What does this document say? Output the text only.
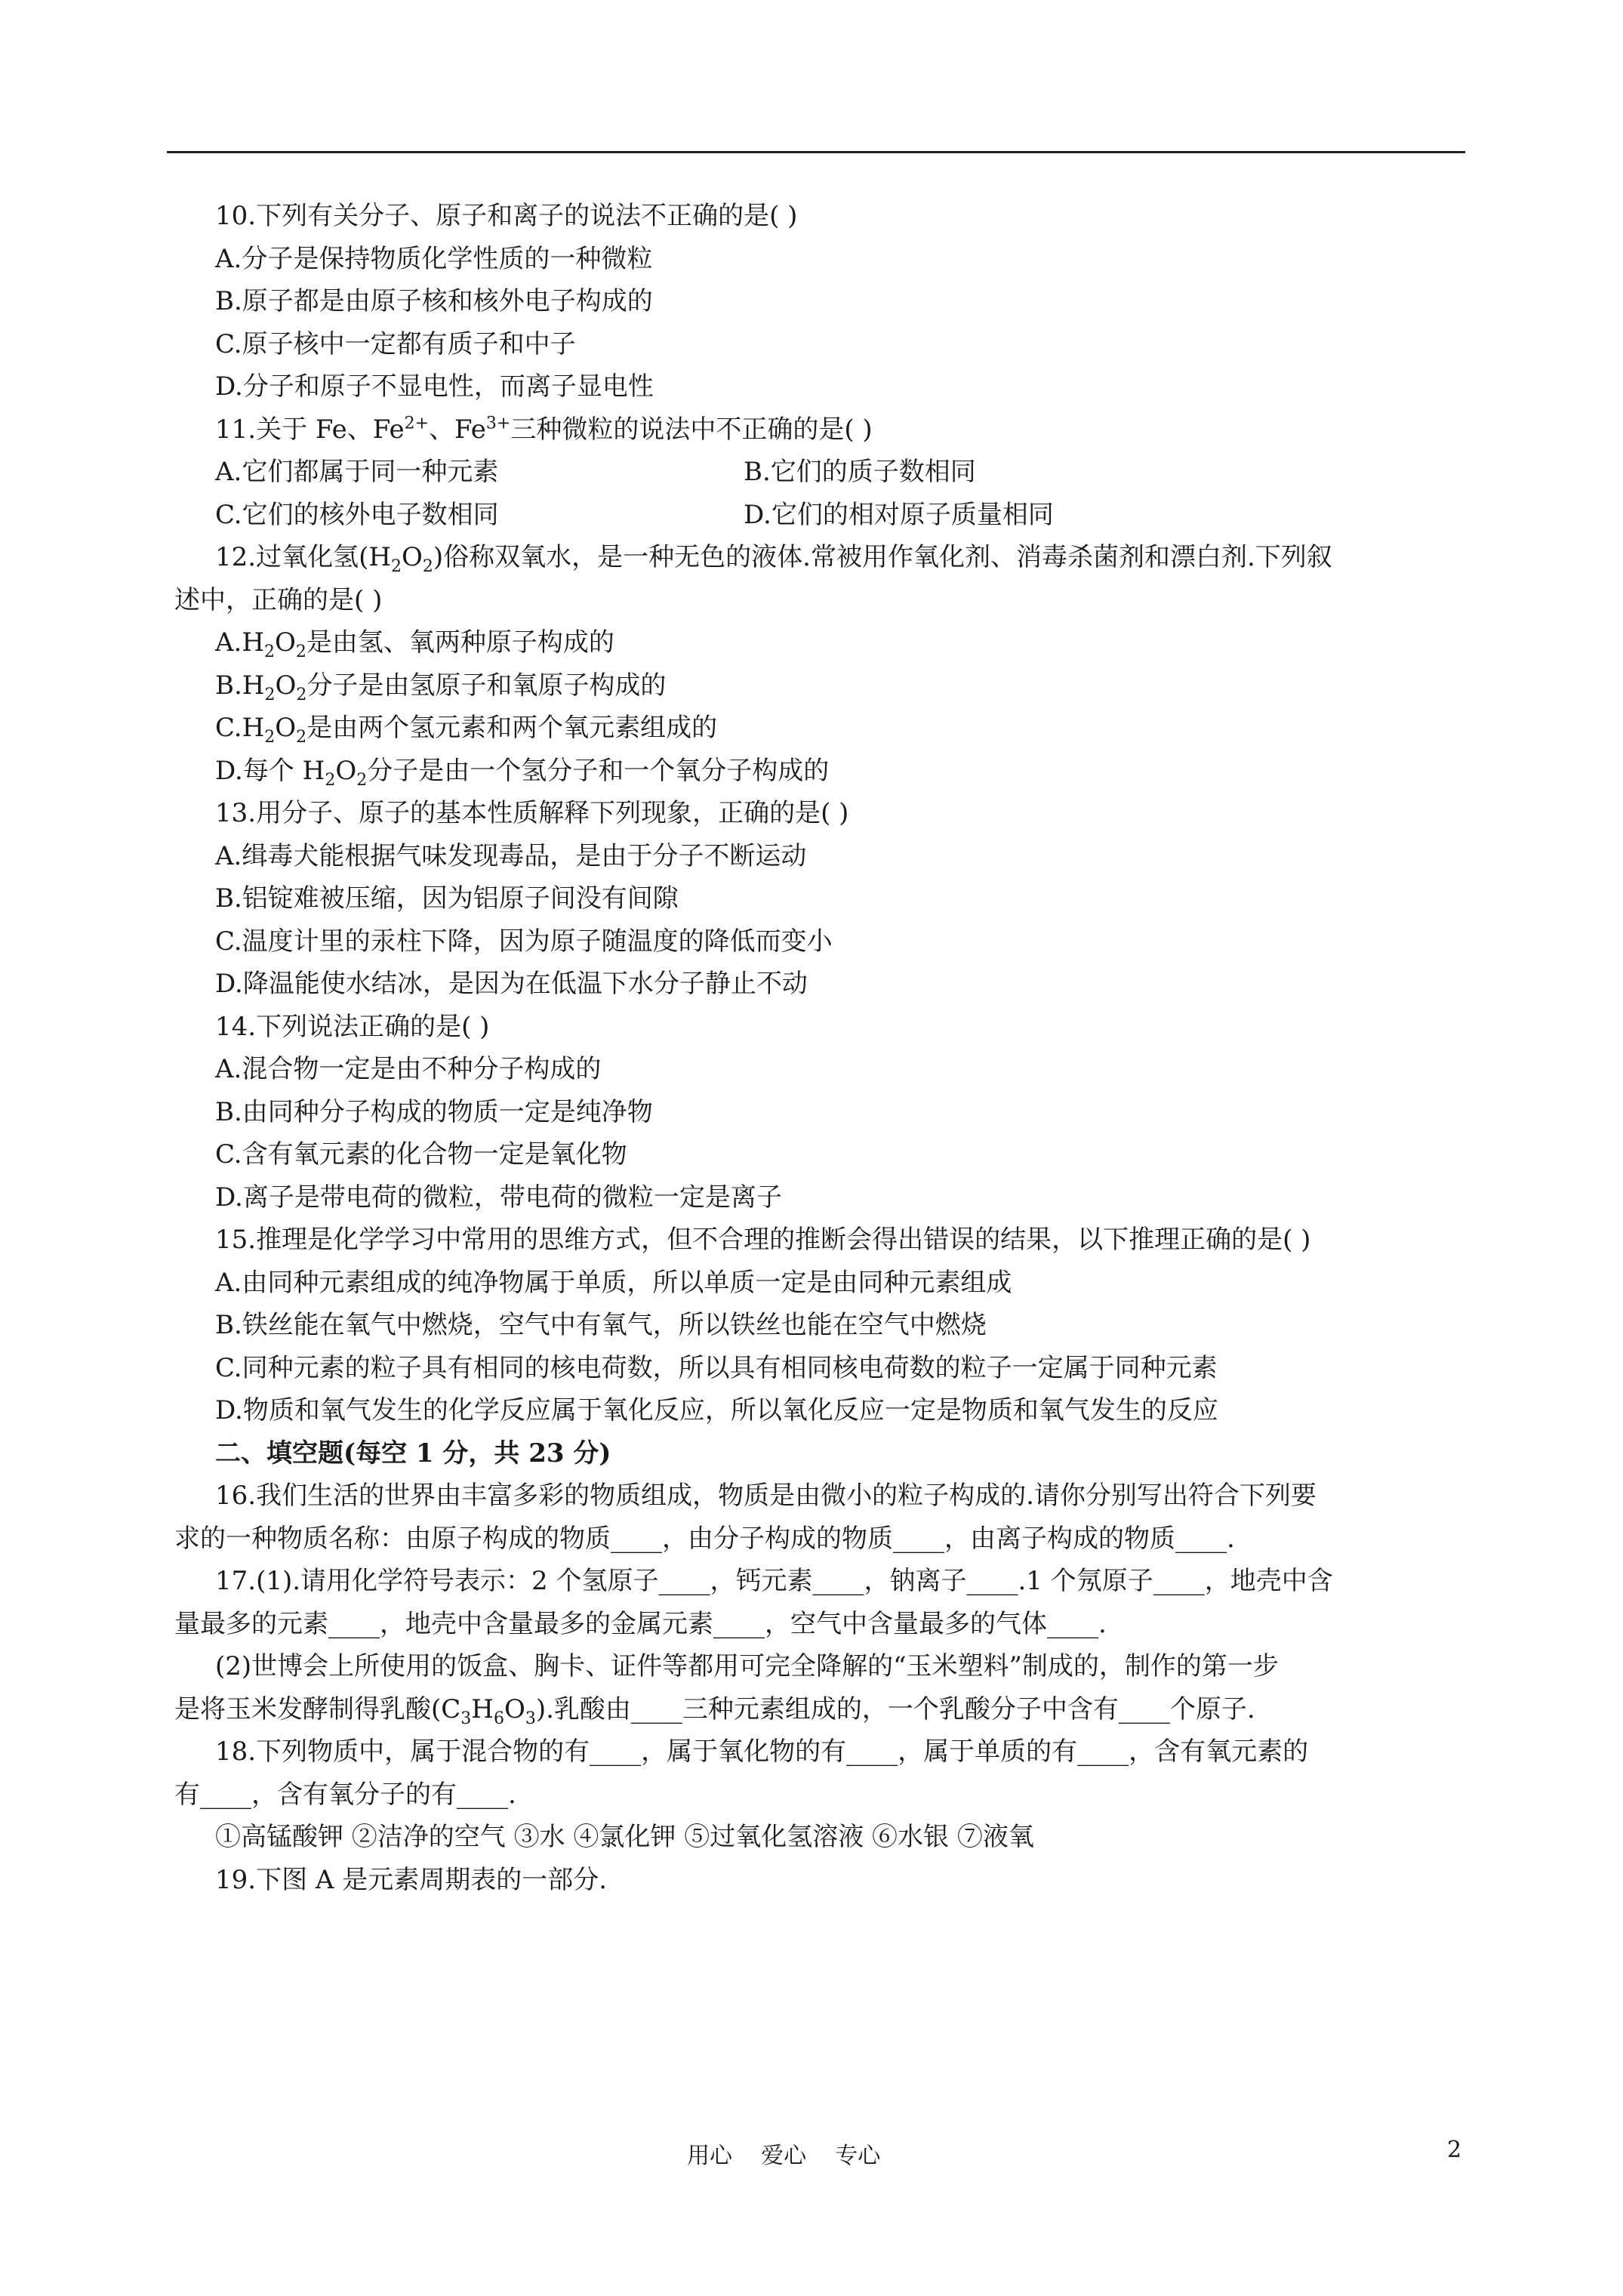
10.下列有关分子、原子和离子的说法不正确的是( )
A.分子是保持物质化学性质的一种微粒
B.原子都是由原子核和核外电子构成的
C.原子核中一定都有质子和中子
D.分子和原子不显电性，而离子显电性
11.关于 Fe、$Fe^{2+}$、$Fe^{3+}$三种微粒的说法中不正确的是( )
A.它们都属于同一种元素	B.它们的质子数相同
C.它们的核外电子数相同	D.它们的相对原子质量相同
12.过氧化氢$(H_2O_2)$俗称双氧水，是一种无色的液体.常被用作氧化剂、消毒杀菌剂和漂白剂.下列叙
述中，正确的是( )
$A.H_2O_2$是由氢、氧两种原子构成的
$B.H_2O_2$分子是由氢原子和氧原子构成的
$C.H_2O_2$是由两个氢元素和两个氧元素组成的
D.每个 $H_2O_2$分子是由一个氢分子和一个氧分子构成的
13.用分子、原子的基本性质解释下列现象，正确的是( )
A.缉毒犬能根据气味发现毒品，是由于分子不断运动
B.铝锭难被压缩，因为铝原子间没有间隙
C.温度计里的汞柱下降，因为原子随温度的降低而变小
D.降温能使水结冰，是因为在低温下水分子静止不动
14.下列说法正确的是( )
A.混合物一定是由不种分子构成的
B.由同种分子构成的物质一定是纯净物
C.含有氧元素的化合物一定是氧化物
D.离子是带电荷的微粒，带电荷的微粒一定是离子
15.推理是化学学习中常用的思维方式，但不合理的推断会得出错误的结果，以下推理正确的是( )
A.由同种元素组成的纯净物属于单质，所以单质一定是由同种元素组成
B.铁丝能在氧气中燃烧，空气中有氧气，所以铁丝也能在空气中燃烧
C.同种元素的粒子具有相同的核电荷数，所以具有相同核电荷数的粒子一定属于同种元素
D.物质和氧气发生的化学反应属于氧化反应，所以氧化反应一定是物质和氧气发生的反应
二、填空题(每空 1 分，共 23 分)
16.我们生活的世界由丰富多彩的物质组成，物质是由微小的粒子构成的.请你分别写出符合下列要
求的一种物质名称：由原子构成的物质____，由分子构成的物质____，由离子构成的物质____.
17.(1).请用化学符号表示：2 个氢原子____，钙元素____，钠离子____.1 个氖原子____，地壳中含
量最多的元素____，地壳中含量最多的金属元素____，空气中含量最多的气体____.
(2)世博会上所使用的饭盒、胸卡、证件等都用可完全降解的“玉米塑料”制成的，制作的第一步
是将玉米发酵制得乳酸$(C_3H_6O_3)$.乳酸由____三种元素组成的，一个乳酸分子中含有____个原子.
18.下列物质中，属于混合物的有____，属于氧化物的有____，属于单质的有____，含有氧元素的
有____，含有氧分子的有____.
①高锰酸钾 ②洁净的空气 ③水 ④氯化钾 ⑤过氧化氢溶液 ⑥水银 ⑦液氧
19.下图 A 是元素周期表的一部分.
用心    爱心    专心	2
